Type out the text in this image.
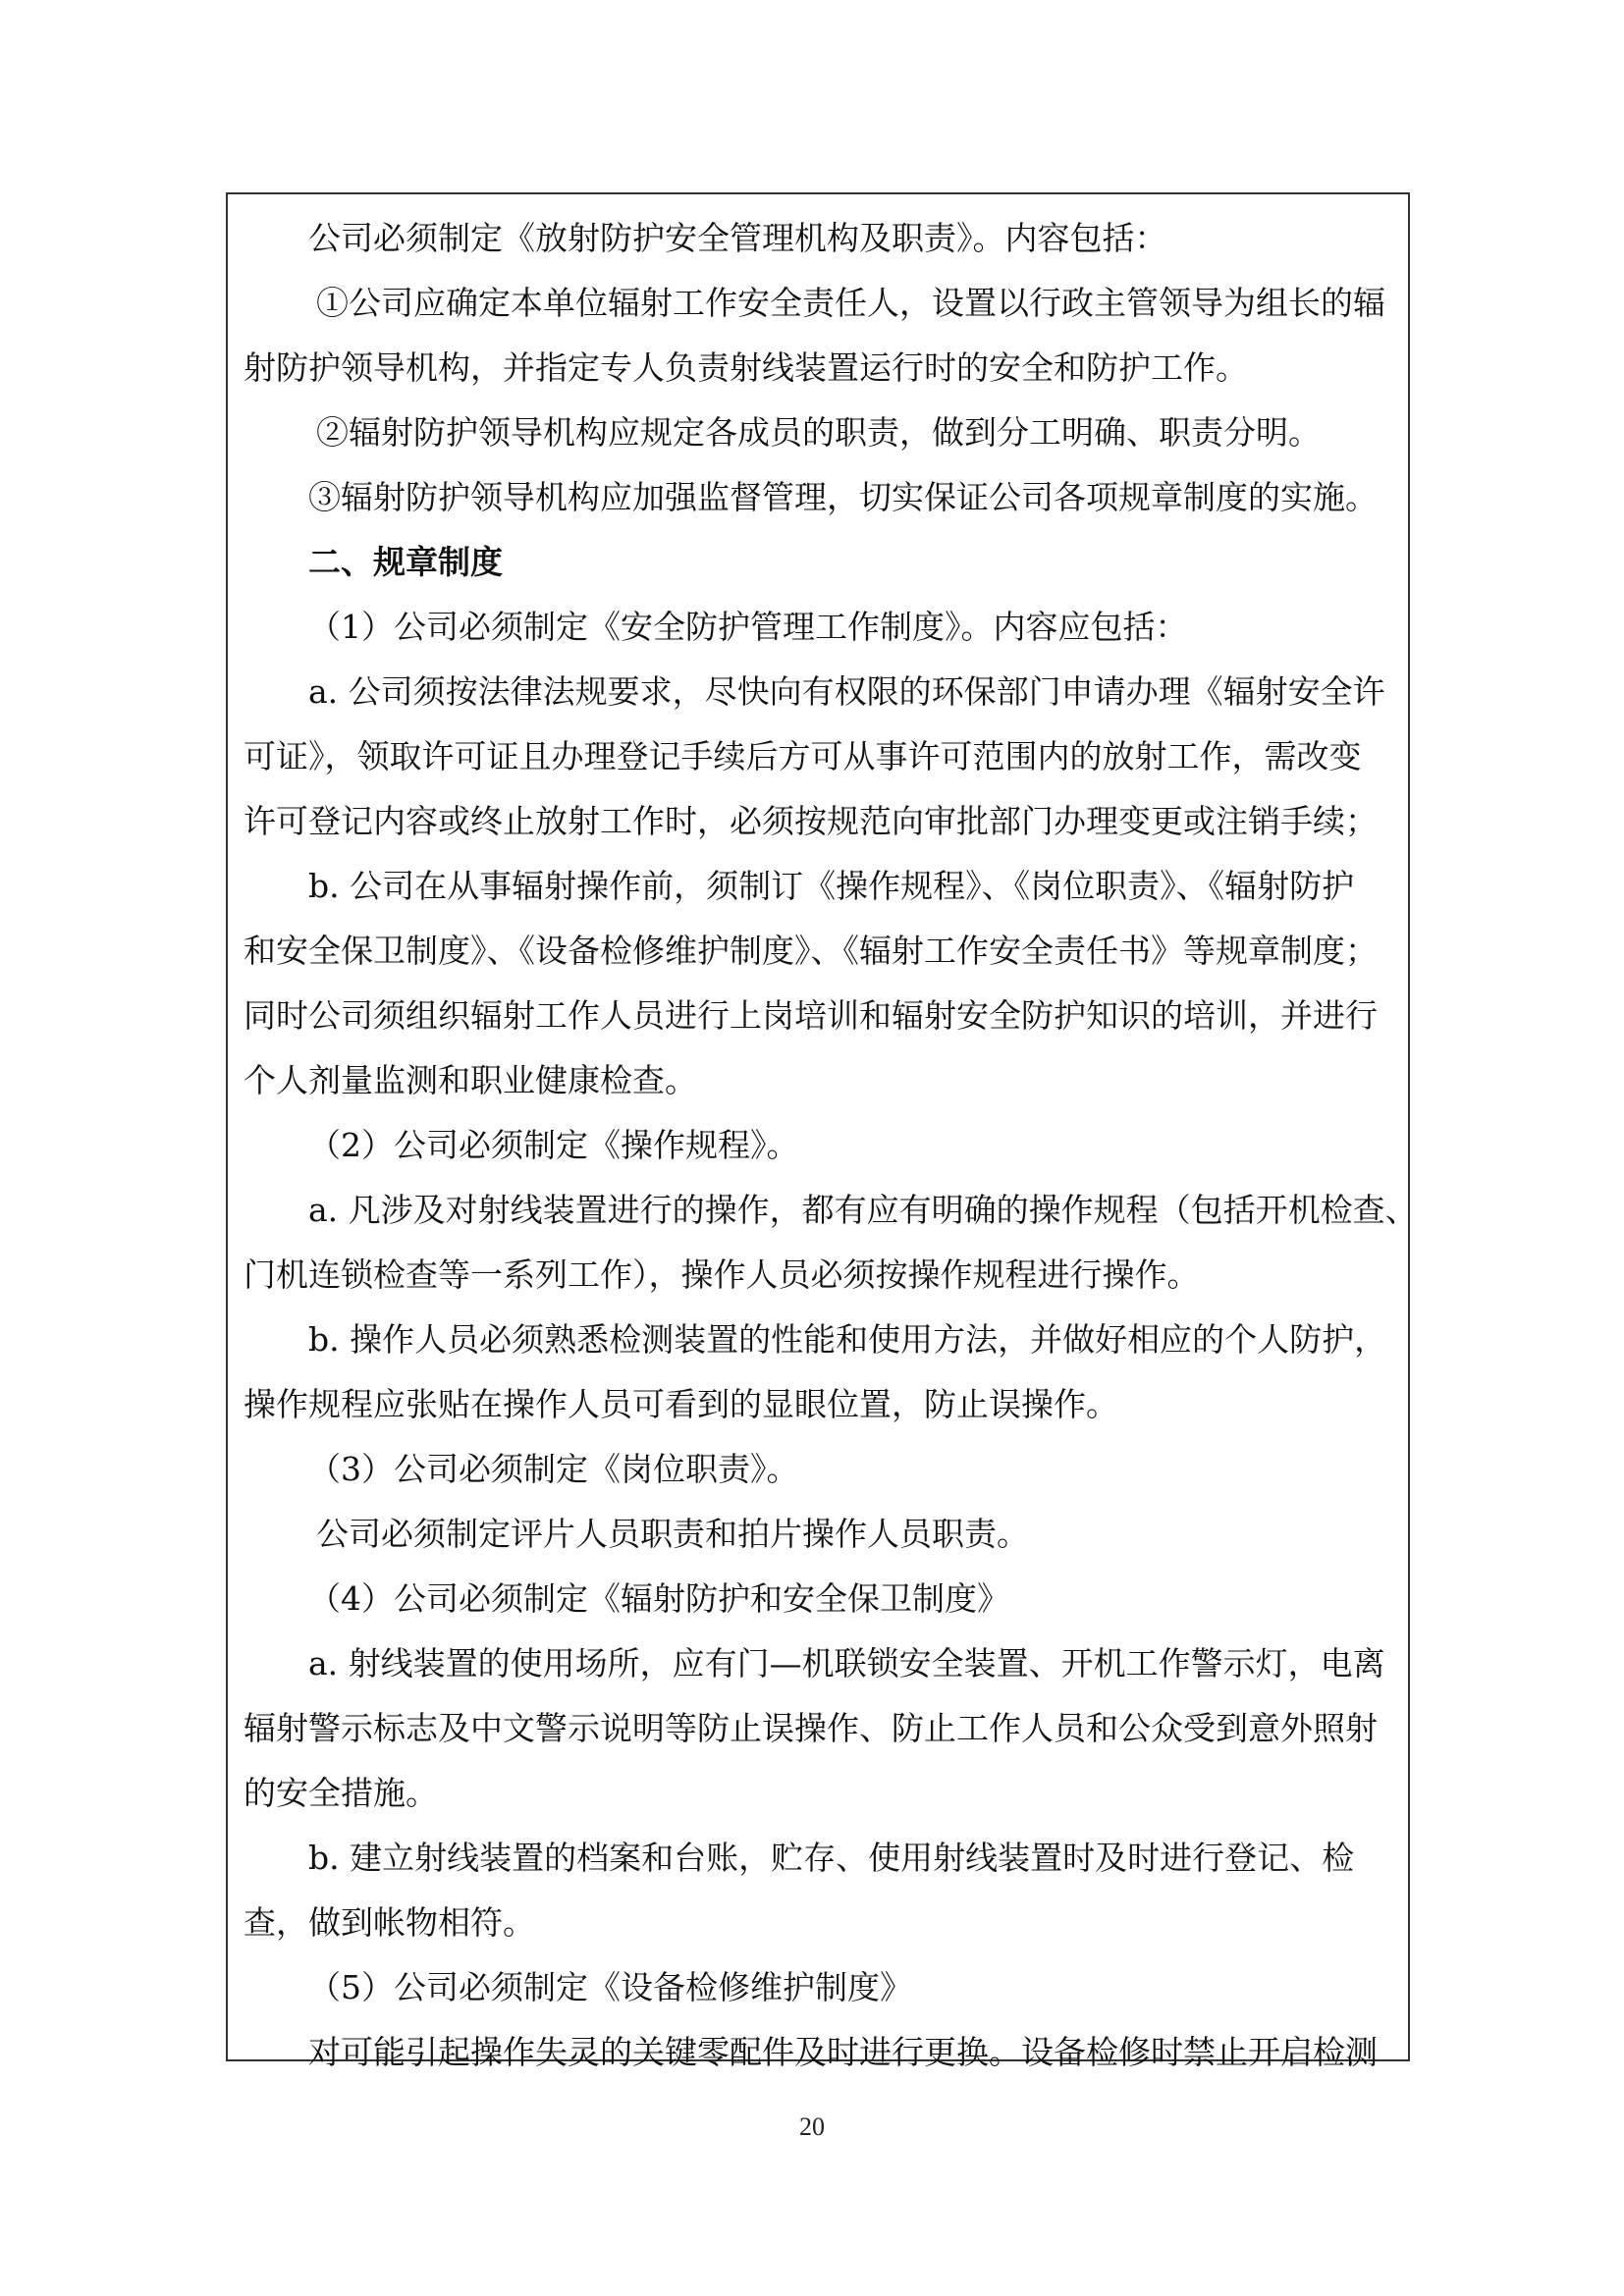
公司必须制定《放射防护安全管理机构及职责》。内容包括：
①公司应确定本单位辐射工作安全责任人，设置以行政主管领导为组长的辐
射防护领导机构，并指定专人负责射线装置运行时的安全和防护工作。
②辐射防护领导机构应规定各成员的职责，做到分工明确、职责分明。
③辐射防护领导机构应加强监督管理，切实保证公司各项规章制度的实施。
二、规章制度
（1）公司必须制定《安全防护管理工作制度》。内容应包括：
a. 公司须按法律法规要求，尽快向有权限的环保部门申请办理《辐射安全许
可证》，领取许可证且办理登记手续后方可从事许可范围内的放射工作，需改变
许可登记内容或终止放射工作时，必须按规范向审批部门办理变更或注销手续；
b. 公司在从事辐射操作前，须制订《操作规程》、《岗位职责》、《辐射防护
和安全保卫制度》、《设备检修维护制度》、《辐射工作安全责任书》等规章制度；
同时公司须组织辐射工作人员进行上岗培训和辐射安全防护知识的培训，并进行
个人剂量监测和职业健康检查。
（2）公司必须制定《操作规程》。
a. 凡涉及对射线装置进行的操作，都有应有明确的操作规程（包括开机检查、
门机连锁检查等一系列工作），操作人员必须按操作规程进行操作。
b. 操作人员必须熟悉检测装置的性能和使用方法，并做好相应的个人防护，
操作规程应张贴在操作人员可看到的显眼位置，防止误操作。
（3）公司必须制定《岗位职责》。
公司必须制定评片人员职责和拍片操作人员职责。
（4）公司必须制定《辐射防护和安全保卫制度》
a. 射线装置的使用场所，应有门—机联锁安全装置、开机工作警示灯，电离
辐射警示标志及中文警示说明等防止误操作、防止工作人员和公众受到意外照射
的安全措施。
b. 建立射线装置的档案和台账，贮存、使用射线装置时及时进行登记、检
查，做到帐物相符。
（5）公司必须制定《设备检修维护制度》
对可能引起操作失灵的关键零配件及时进行更换。设备检修时禁止开启检测
20
